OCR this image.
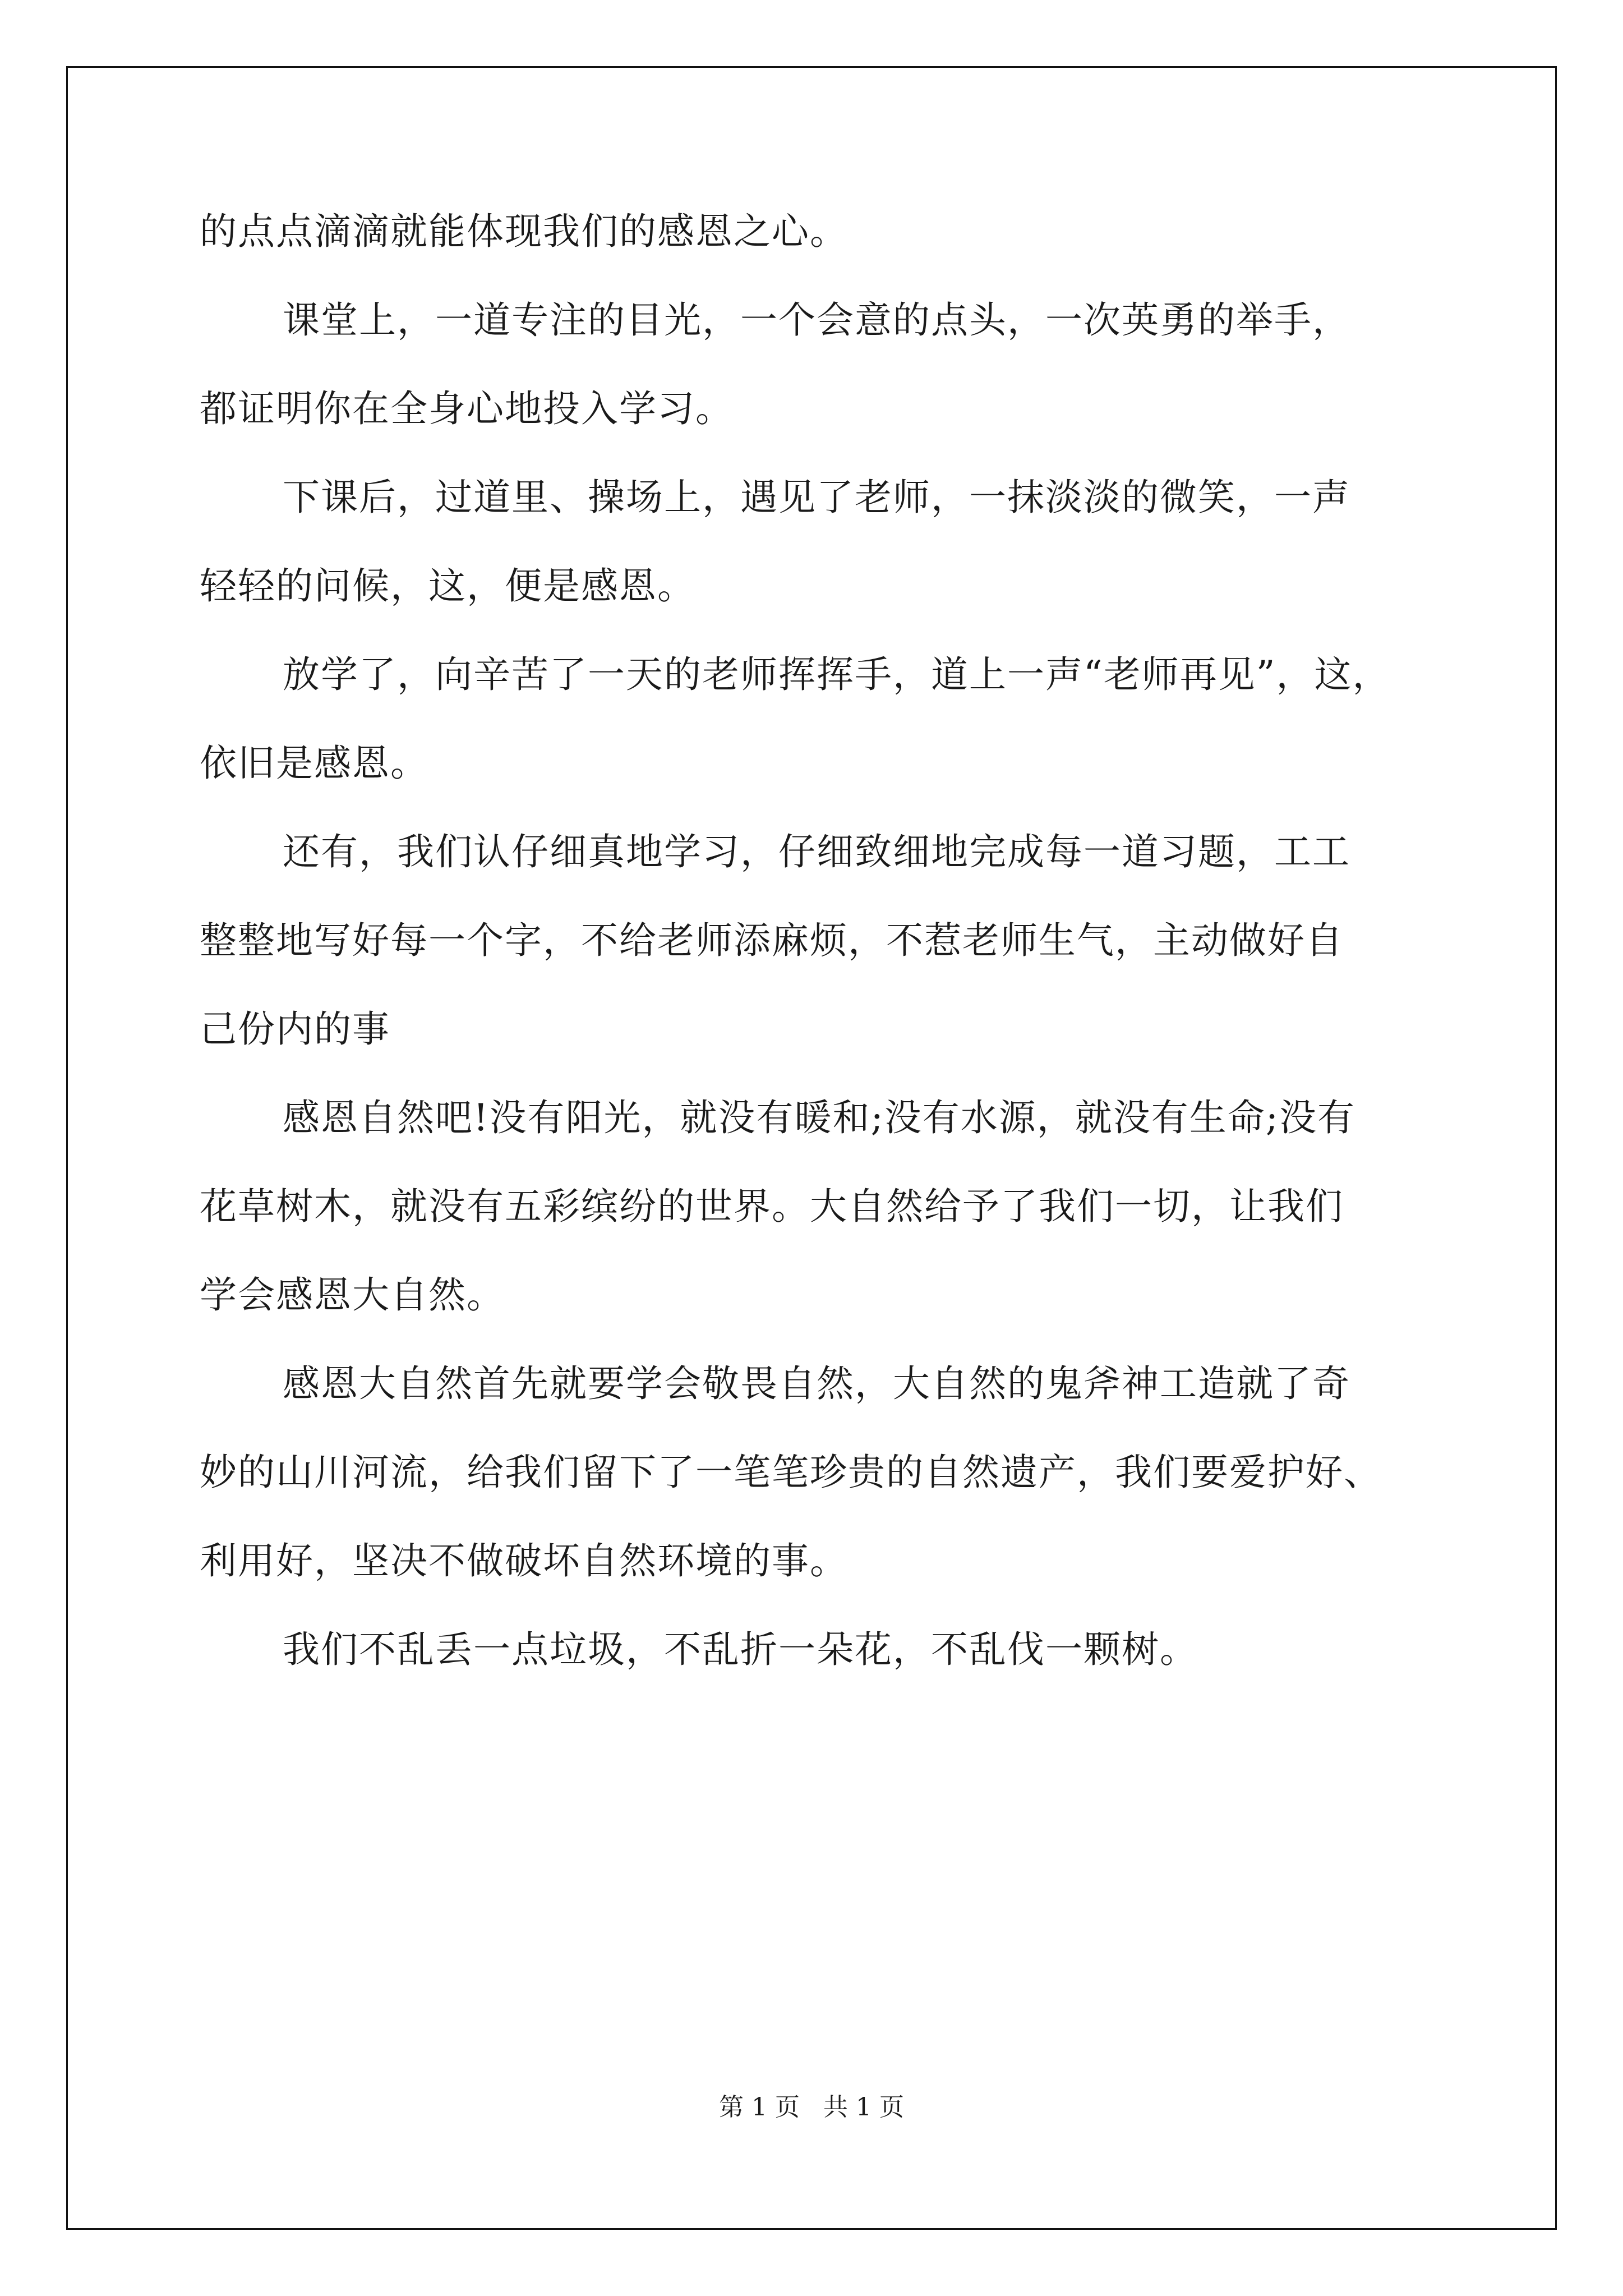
的点点滴滴就能体现我们的感恩之心。
课堂上，一道专注的目光，一个会意的点头，一次英勇的举手，
都证明你在全身心地投入学习。
下课后，过道里、操场上，遇见了老师，一抹淡淡的微笑，一声
轻轻的问候，这，便是感恩。
放学了，向辛苦了一天的老师挥挥手，道上一声“老师再见”，这，
依旧是感恩。
还有，我们认仔细真地学习，仔细致细地完成每一道习题，工工
整整地写好每一个字，不给老师添麻烦，不惹老师生气，主动做好自
己份内的事
感恩自然吧!没有阳光，就没有暖和;没有水源，就没有生命;没有
花草树木，就没有五彩缤纷的世界。大自然给予了我们一切，让我们
学会感恩大自然。
感恩大自然首先就要学会敬畏自然，大自然的鬼斧神工造就了奇
妙的山川河流，给我们留下了一笔笔珍贵的自然遗产，我们要爱护好、
利用好，坚决不做破坏自然环境的事。
我们不乱丢一点垃圾，不乱折一朵花，不乱伐一颗树。
第 1 页   共 1 页
